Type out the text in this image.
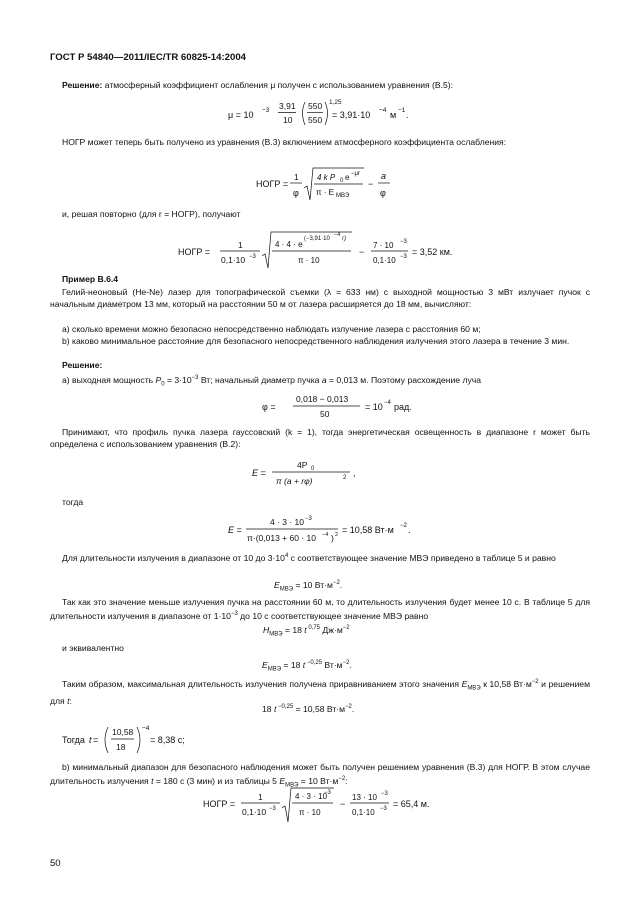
ГОСТ Р 54840—2011/IEC/TR 60825-14:2004
Решение: атмосферный коэффициент ослабления μ получен с использованием уравнения (B.5):
μ = 10 −3 3,91
10
550
550
1,25
= 3,91·10 −4 м −1 .
НОГР может теперь быть получено из уравнения (B.3) включением атмосферного коэффициента ослабления:
НОГР =
1
φ
4 k P 0 e −μr
π · E МВЭ
−
a
φ
и, решая повторно (для r = НОГР), получают
НОГР =
1
0,1·10 −3
4 · 4 · e
(−3,91·10
−4
r)
π · 10
−
7 · 10 −3
0,1·10 −3 = 3,52 км.
Пример B.6.4
Гелий-неоновый (He-Ne) лазер для топографической съемки (λ = 633 нм) с выходной мощностью 3 мВт излучает пучок с начальным диаметром 13 мм, который на расстоянии 50 м от лазера расширяется до 18 мм, вычисляют:
а) сколько времени можно безопасно непосредственно наблюдать излучение лазера с расстояния 60 м;
b) каково минимальное расстояние для безопасного непосредственного наблюдения излучения этого лазера в течение 3 мин.
Решение:
а) выходная мощность $P_0 = 3\cdot 10^{-3}$ Вт; начальный диаметр пучка a = 0,013 м. Поэтому расхождение луча
φ =
0,018 − 0,013
50
= 10 −4 рад.
Принимают, что профиль пучка лазера гауссовский (k = 1), тогда энергетическая освещенность в диапазоне r может быть определена с использованием уравнения (B.2):
E =
4P 0
π (a + rφ)	2 ,
тогда
E =
4 · 3 · 10 −3
π·(0,013 + 60 · 10 −4 ) 2 = 10,58 Вт·м −2 .
Для длительности излучения в диапазоне от 10 до $3\cdot 10^4$ с соответствующее значение МВЭ приведено в таблице 5 и равно
$E_{МВЭ} = 10$ $Вт\cdot м^{-2}$.
Так как это значение меньше излучения пучка на расстоянии 60 м, то длительность излучения будет менее 10 с. В таблице 5 для длительности излучения в диапазоне от $1\cdot 10^{-3}$ до 10 с соответствующее значение МВЭ равно
$H_{МВЭ} = 18$ t $^{0,75}$ $Дж\cdot м^{-2}$
и эквивалентно
$E_{МВЭ} = 18$ t $^{-0,25}$ $Вт\cdot м^{-2}$.
Таким образом, максимальная длительность излучения получена приравниванием этого значения $E_{МВЭ}$ к 10,58 $Вт\cdot м^{-2}$ и решением для t:
18 t $^{-0,25}$ = 10,58 $Вт\cdot м^{-2}$.
Тогда t =
10,58
18
−4
= 8,38 с;
b) минимальный диапазон для безопасного наблюдения может быть получен решением уравнения (B.3) для НОГР. В этом случае длительность излучения t = 180 с (3 мин) и из таблицы 5 $E_{МВЭ} = 10$ $Вт\cdot м^{-2}$:
НОГР =
1
0,1·10 −3
4 · 3 · 10
−3
π · 10
−
13 · 10 −3
0,1·10 −3 = 65,4 м.
50
